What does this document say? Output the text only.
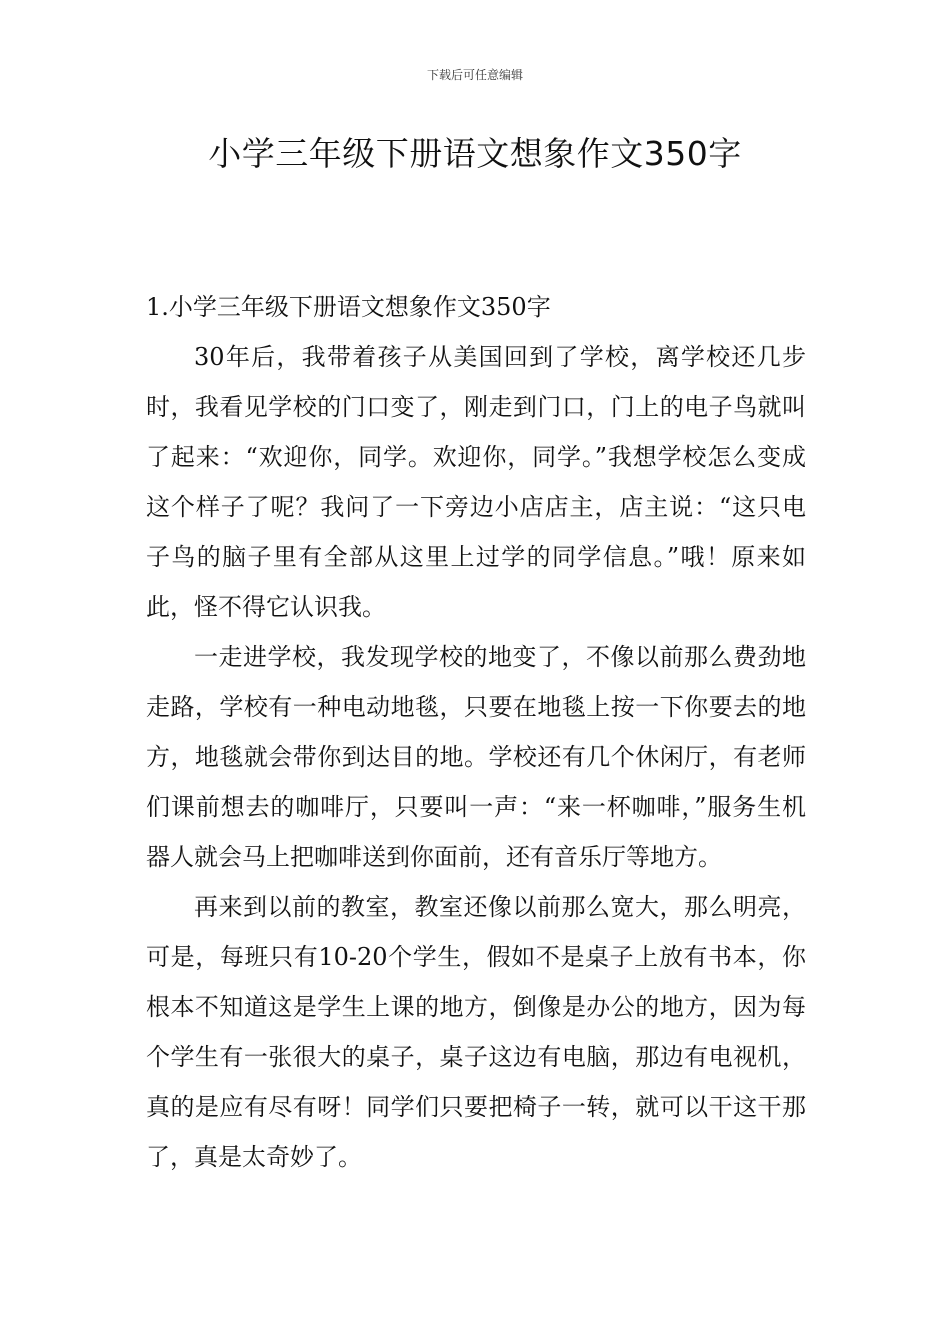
下载后可任意编辑
小学三年级下册语文想象作文350字
1.小学三年级下册语文想象作文350字

30年后，我带着孩子从美国回到了学校，离学校还几步时，我看见学校的门口变了，刚走到门口，门上的电子鸟就叫了起来：“欢迎你，同学。欢迎你，同学。”我想学校怎么变成这个样子了呢？我问了一下旁边小店店主，店主说：“这只电子鸟的脑子里有全部从这里上过学的同学信息。”哦！原来如此，怪不得它认识我。

一走进学校，我发现学校的地变了，不像以前那么费劲地走路，学校有一种电动地毯，只要在地毯上按一下你要去的地方，地毯就会带你到达目的地。学校还有几个休闲厅，有老师们课前想去的咖啡厅，只要叫一声：“来一杯咖啡，”服务生机器人就会马上把咖啡送到你面前，还有音乐厅等地方。

再来到以前的教室，教室还像以前那么宽大，那么明亮，可是，每班只有10-20个学生，假如不是桌子上放有书本，你根本不知道这是学生上课的地方，倒像是办公的地方，因为每个学生有一张很大的桌子，桌子这边有电脑，那边有电视机，真的是应有尽有呀！同学们只要把椅子一转，就可以干这干那了，真是太奇妙了。
